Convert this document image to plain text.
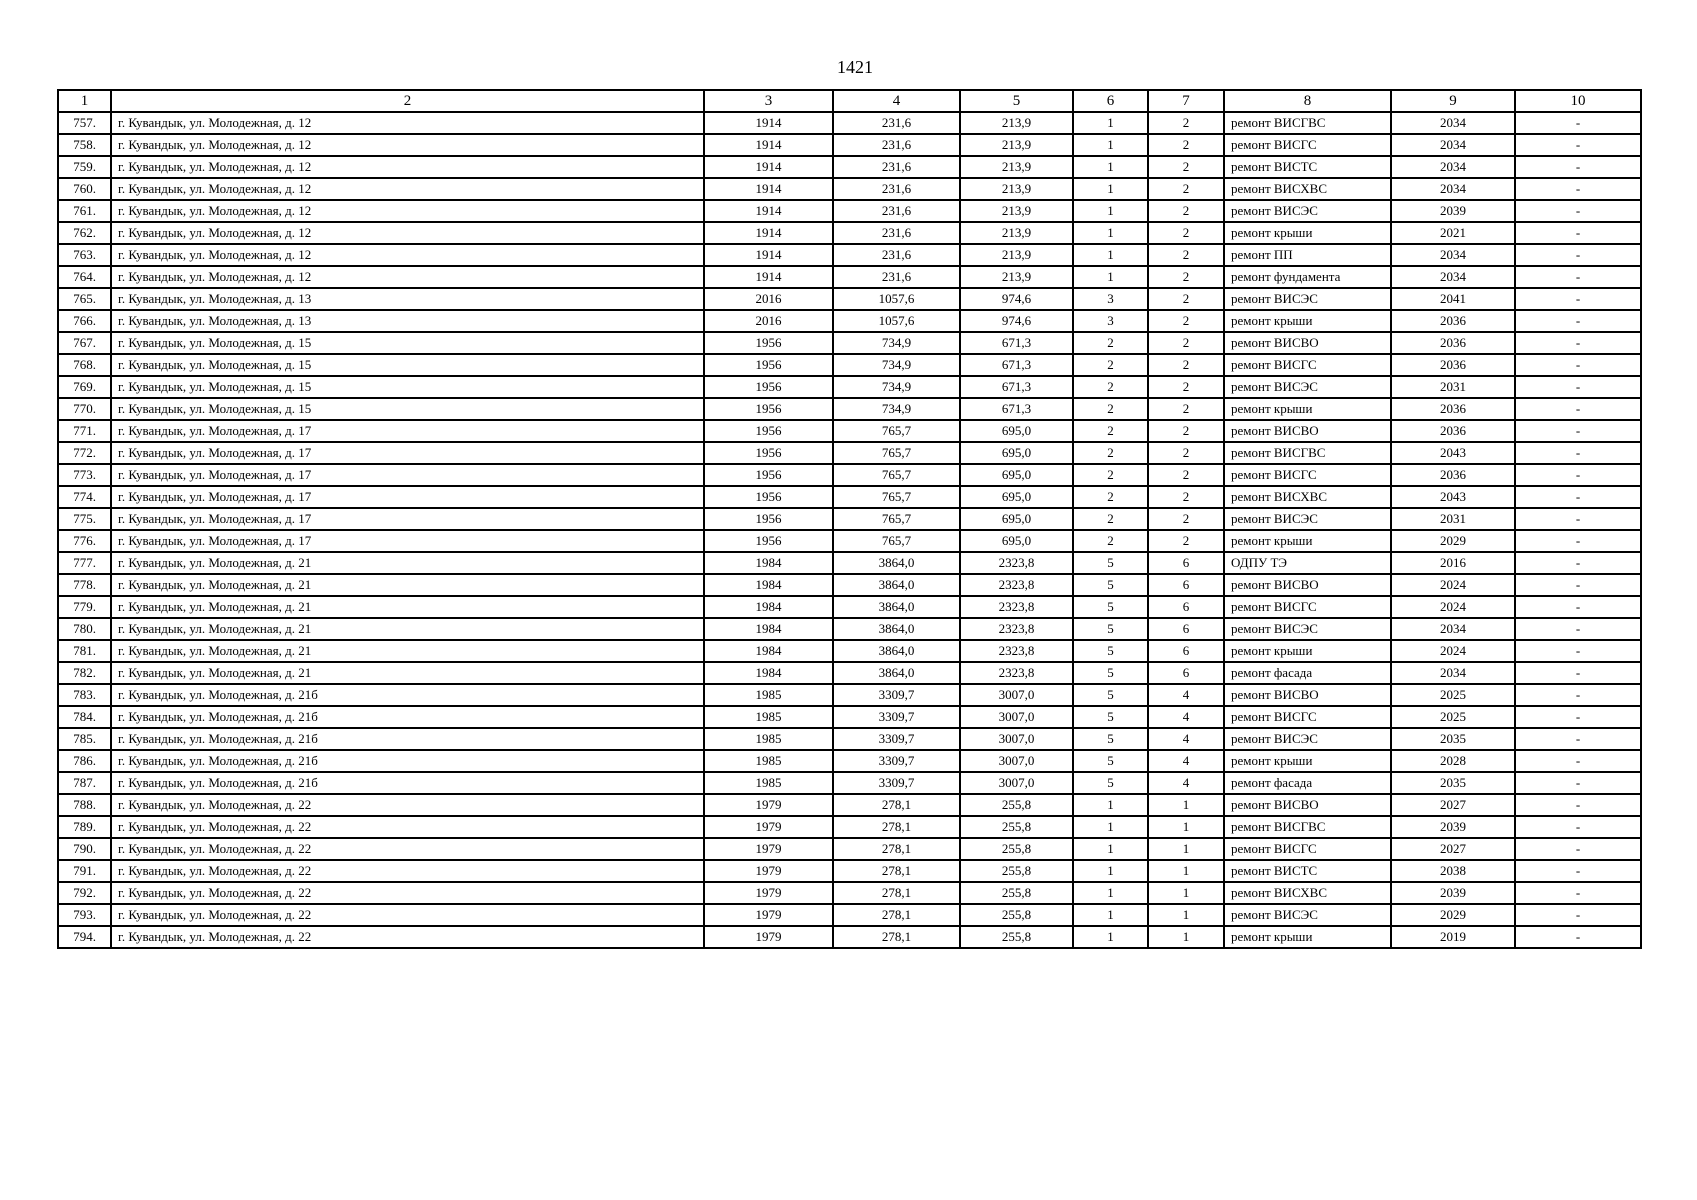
1421
1	2	3	4	5	6	7	8	9	10
757.	г. Кувандык, ул. Молодежная, д. 12	1914	231,6	213,9	1	2	ремонт ВИСГВС	2034	-
758.	г. Кувандык, ул. Молодежная, д. 12	1914	231,6	213,9	1	2	ремонт ВИСГС	2034	-
759.	г. Кувандык, ул. Молодежная, д. 12	1914	231,6	213,9	1	2	ремонт ВИСТС	2034	-
760.	г. Кувандык, ул. Молодежная, д. 12	1914	231,6	213,9	1	2	ремонт ВИСХВС	2034	-
761.	г. Кувандык, ул. Молодежная, д. 12	1914	231,6	213,9	1	2	ремонт ВИСЭС	2039	-
762.	г. Кувандык, ул. Молодежная, д. 12	1914	231,6	213,9	1	2	ремонт крыши	2021	-
763.	г. Кувандык, ул. Молодежная, д. 12	1914	231,6	213,9	1	2	ремонт ПП	2034	-
764.	г. Кувандык, ул. Молодежная, д. 12	1914	231,6	213,9	1	2	ремонт фундамента	2034	-
765.	г. Кувандык, ул. Молодежная, д. 13	2016	1057,6	974,6	3	2	ремонт ВИСЭС	2041	-
766.	г. Кувандык, ул. Молодежная, д. 13	2016	1057,6	974,6	3	2	ремонт крыши	2036	-
767.	г. Кувандык, ул. Молодежная, д. 15	1956	734,9	671,3	2	2	ремонт ВИСВО	2036	-
768.	г. Кувандык, ул. Молодежная, д. 15	1956	734,9	671,3	2	2	ремонт ВИСГС	2036	-
769.	г. Кувандык, ул. Молодежная, д. 15	1956	734,9	671,3	2	2	ремонт ВИСЭС	2031	-
770.	г. Кувандык, ул. Молодежная, д. 15	1956	734,9	671,3	2	2	ремонт крыши	2036	-
771.	г. Кувандык, ул. Молодежная, д. 17	1956	765,7	695,0	2	2	ремонт ВИСВО	2036	-
772.	г. Кувандык, ул. Молодежная, д. 17	1956	765,7	695,0	2	2	ремонт ВИСГВС	2043	-
773.	г. Кувандык, ул. Молодежная, д. 17	1956	765,7	695,0	2	2	ремонт ВИСГС	2036	-
774.	г. Кувандык, ул. Молодежная, д. 17	1956	765,7	695,0	2	2	ремонт ВИСХВС	2043	-
775.	г. Кувандык, ул. Молодежная, д. 17	1956	765,7	695,0	2	2	ремонт ВИСЭС	2031	-
776.	г. Кувандык, ул. Молодежная, д. 17	1956	765,7	695,0	2	2	ремонт крыши	2029	-
777.	г. Кувандык, ул. Молодежная, д. 21	1984	3864,0	2323,8	5	6	ОДПУ ТЭ	2016	-
778.	г. Кувандык, ул. Молодежная, д. 21	1984	3864,0	2323,8	5	6	ремонт ВИСВО	2024	-
779.	г. Кувандык, ул. Молодежная, д. 21	1984	3864,0	2323,8	5	6	ремонт ВИСГС	2024	-
780.	г. Кувандык, ул. Молодежная, д. 21	1984	3864,0	2323,8	5	6	ремонт ВИСЭС	2034	-
781.	г. Кувандык, ул. Молодежная, д. 21	1984	3864,0	2323,8	5	6	ремонт крыши	2024	-
782.	г. Кувандык, ул. Молодежная, д. 21	1984	3864,0	2323,8	5	6	ремонт фасада	2034	-
783.	г. Кувандык, ул. Молодежная, д. 21б	1985	3309,7	3007,0	5	4	ремонт ВИСВО	2025	-
784.	г. Кувандык, ул. Молодежная, д. 21б	1985	3309,7	3007,0	5	4	ремонт ВИСГС	2025	-
785.	г. Кувандык, ул. Молодежная, д. 21б	1985	3309,7	3007,0	5	4	ремонт ВИСЭС	2035	-
786.	г. Кувандык, ул. Молодежная, д. 21б	1985	3309,7	3007,0	5	4	ремонт крыши	2028	-
787.	г. Кувандык, ул. Молодежная, д. 21б	1985	3309,7	3007,0	5	4	ремонт фасада	2035	-
788.	г. Кувандык, ул. Молодежная, д. 22	1979	278,1	255,8	1	1	ремонт ВИСВО	2027	-
789.	г. Кувандык, ул. Молодежная, д. 22	1979	278,1	255,8	1	1	ремонт ВИСГВС	2039	-
790.	г. Кувандык, ул. Молодежная, д. 22	1979	278,1	255,8	1	1	ремонт ВИСГС	2027	-
791.	г. Кувандык, ул. Молодежная, д. 22	1979	278,1	255,8	1	1	ремонт ВИСТС	2038	-
792.	г. Кувандык, ул. Молодежная, д. 22	1979	278,1	255,8	1	1	ремонт ВИСХВС	2039	-
793.	г. Кувандык, ул. Молодежная, д. 22	1979	278,1	255,8	1	1	ремонт ВИСЭС	2029	-
794.	г. Кувандык, ул. Молодежная, д. 22	1979	278,1	255,8	1	1	ремонт крыши	2019	-
